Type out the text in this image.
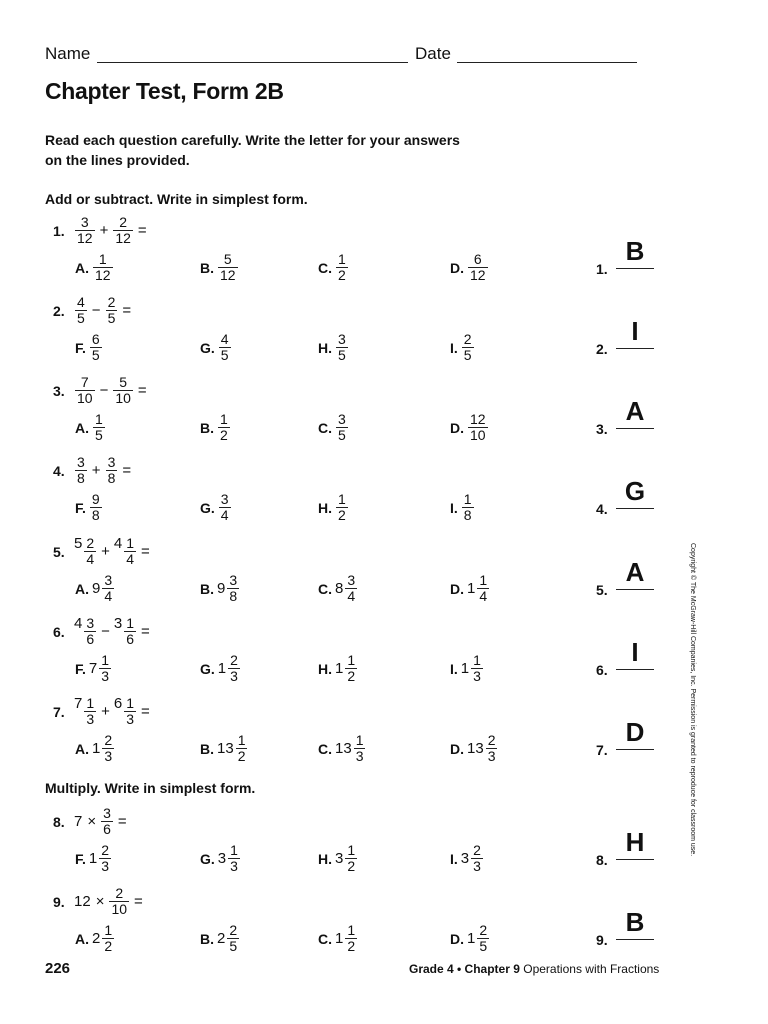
Name	Date
Chapter Test, Form 2B
Read each question carefully. Write the letter for your answers
on the lines provided.
Add or subtract. Write in simplest form.
Multiply. Write in simplest form.
1. $\frac{3}{12} + \frac{2}{12}$ =
A. $\frac{1}{12}$	B. $\frac{5}{12}$	C. $\frac{1}{2}$	D. $\frac{6}{12}$	1.
B
2. $\frac{4}{5} - \frac{2}{5}$ =
F. $\frac{6}{5}$	G. $\frac{4}{5}$	H. $\frac{3}{5}$	I. $\frac{2}{5}$	2.
I
3. $\frac{7}{10} - \frac{5}{10}$ =
A. $\frac{1}{5}$	B. $\frac{1}{2}$	C. $\frac{3}{5}$	D. $\frac{12}{10}$	3.
A
4. $\frac{3}{8} + \frac{3}{8}$ =
F. $\frac{9}{8}$	G. $\frac{3}{4}$	H. $\frac{1}{2}$	I. $\frac{1}{8}$	4.
G
5. $5 \frac{2}{4} + 4 \frac{1}{4}$ =
A. $9 \frac{3}{4}$	B. $9 \frac{3}{8}$	C. $8 \frac{3}{4}$	D. $1 \frac{1}{4}$	5.
A
6. $4 \frac{3}{6} - 3 \frac{1}{6}$ =
F. $7 \frac{1}{3}$	G. $1 \frac{2}{3}$	H. $1 \frac{1}{2}$	I. $1 \frac{1}{3}$	6.
I
7. $7 \frac{1}{3} + 6 \frac{1}{3}$ =
A. $1 \frac{2}{3}$	B. $13 \frac{1}{2}$	C. $13 \frac{1}{3}$	D. $13 \frac{2}{3}$	7.
D
8. $7 \times \frac{3}{6}$ =
F. $1 \frac{2}{3}$	G. $3 \frac{1}{3}$	H. $3 \frac{1}{2}$	I. $3 \frac{2}{3}$	8.
H
9. $12 \times \frac{2}{10}$ =
A. $2 \frac{1}{2}$	B. $2 \frac{2}{5}$	C. $1 \frac{1}{2}$	D. $1 \frac{2}{5}$	9.
B
226	Grade 4 • Chapter 9 Operations with Fractions
Copyright © The McGraw-Hill Companies, Inc. Permission is granted to reproduce for classroom use.
